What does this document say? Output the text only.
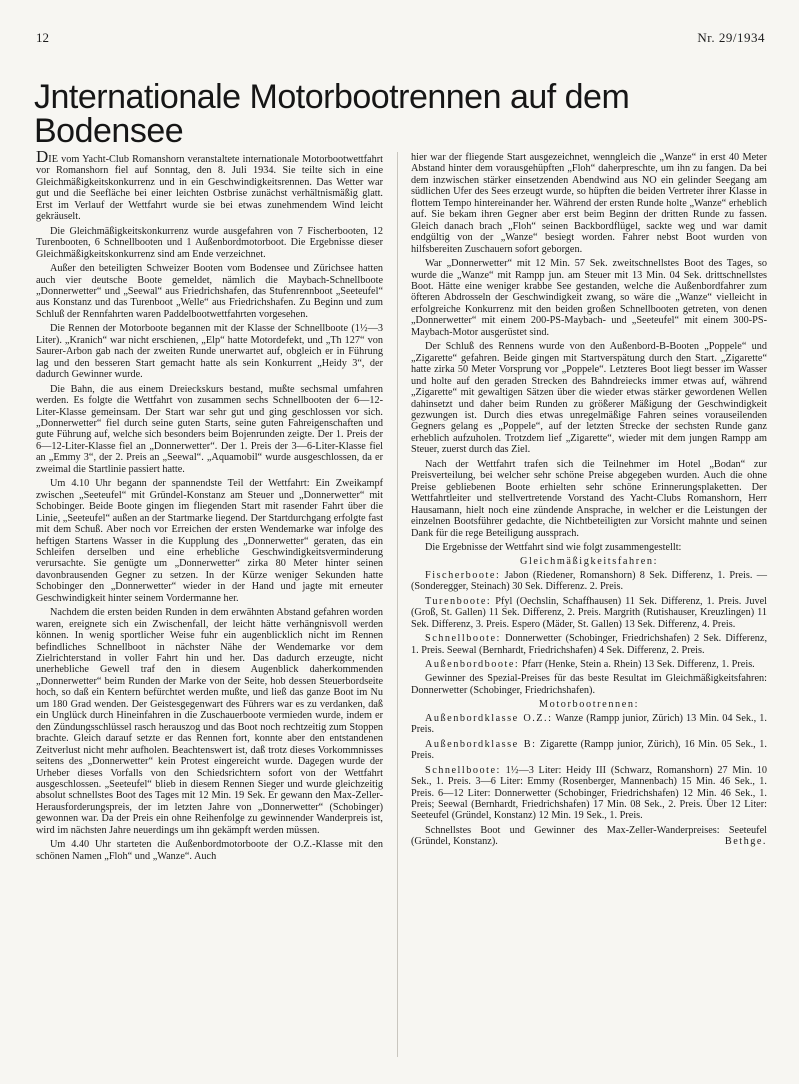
12	Nr. 29/1934
Jnternationale Motorbootrennen auf dem Bodensee

DIE vom Yacht-Club Romanshorn veranstaltete internationale Motorbootwettfahrt vor Romanshorn fiel auf Sonntag, den 8. Juli 1934. Sie teilte sich in eine Gleichmäßigkeitskonkurrenz und in ein Geschwindigkeitsrennen. Das Wetter war gut und die Seefläche bei einer leichten Ostbrise zunächst verhältnismäßig glatt. Erst im Verlauf der Wettfahrt wurde sie bei etwas zunehmendem Wind leicht gekräuselt.

Die Gleichmäßigkeitskonkurrenz wurde ausgefahren von 7 Fischerbooten, 12 Turenbooten, 6 Schnellbooten und 1 Außenbordmotorboot. Die Ergebnisse dieser Gleichmäßigkeitskonkurrenz sind am Ende verzeichnet.

Außer den beteiligten Schweizer Booten vom Bodensee und Zürichsee hatten auch vier deutsche Boote gemeldet, nämlich die Maybach-Schnellboote „Donnerwetter“ und „Seewal“ aus Friedrichshafen, das Stufenrennboot „Seeteufel“ aus Konstanz und das Turenboot „Welle“ aus Friedrichshafen. Zu Beginn und zum Schluß der Rennfahrten waren Paddelbootwettfahrten vorgesehen.

Die Rennen der Motorboote begannen mit der Klasse der Schnellboote (1½—3 Liter). „Kranich“ war nicht erschienen, „Elp“ hatte Motordefekt, und „Th 127“ von Saurer-Arbon gab nach der zweiten Runde unerwartet auf, obgleich er in Führung lag und den besseren Start gemacht hatte als sein Konkurrent „Heidy 3“, der dadurch Gewinner wurde.

Die Bahn, die aus einem Dreieckskurs bestand, mußte sechsmal umfahren werden. Es folgte die Wettfahrt von zusammen sechs Schnellbooten der 6—12-Liter-Klasse gemeinsam. Der Start war sehr gut und ging geschlossen vor sich. „Donnerwetter“ fiel durch seine guten Starts, seine guten Fahreigenschaften und gute Führung auf, welche sich besonders beim Bojenrunden zeigte. Der 1. Preis der 6—12-Liter-Klasse fiel an „Donnerwetter“. Der 1. Preis der 3—6-Liter-Klasse fiel an „Emmy 3“, der 2. Preis an „Seewal“. „Aquamobil“ wurde ausgeschlossen, da er zweimal die Startlinie passiert hatte.

Um 4.10 Uhr begann der spannendste Teil der Wettfahrt: Ein Zweikampf zwischen „Seeteufel“ mit Gründel-Konstanz am Steuer und „Donnerwetter“ mit Schobinger. Beide Boote gingen im fliegenden Start mit rasender Fahrt über die Linie, „Seeteufel“ außen an der Startmarke liegend. Der Startdurchgang erfolgte fast mit dem Schuß. Aber noch vor Erreichen der ersten Wendemarke war infolge des heftigen Startens Wasser in die Kupplung des „Donnerwetter“ geraten, das ein Schleifen derselben und eine erhebliche Geschwindigkeitsverminderung verursachte. Sie genügte um „Donnerwetter“ zirka 80 Meter hinter seinen davonbrausenden Gegner zu setzen. In der Kürze weniger Sekunden hatte Schobinger den „Donnerwetter“ wieder in der Hand und jagte mit erneuter Geschwindigkeit hinter seinem Vordermanne her.

Nachdem die ersten beiden Runden in dem erwähnten Abstand gefahren worden waren, ereignete sich ein Zwischenfall, der leicht hätte verhängnisvoll werden können. In wenig sportlicher Weise fuhr ein augenblicklich nicht im Rennen befindliches Schnellboot in nächster Nähe der Wendemarke vor dem Zielrichterstand in voller Fahrt hin und her. Das dadurch erzeugte, nicht unerhebliche Gewell traf den in diesem Augenblick daherkommenden „Donnerwetter“ beim Runden der Marke von der Seite, hob dessen Steuerbordseite hoch, so daß ein Kentern befürchtet werden mußte, und ließ das ganze Boot im Nu um 180 Grad wenden. Der Geistesgegenwart des Führers war es zu verdanken, daß ein Unglück durch Hineinfahren in die Zuschauerboote vermieden wurde, indem er den Zündungsschlüssel rasch herauszog und das Boot noch rechtzeitig zum Stoppen brachte. Gleich darauf setzte er das Rennen fort, konnte aber den entstandenen Zeitverlust nicht mehr aufholen. Beachtenswert ist, daß trotz dieses Vorkommnisses seitens des „Donnerwetter“ kein Protest eingereicht wurde. Dagegen wurde der Urheber dieses Vorfalls von den Schiedsrichtern sofort von der Wettfahrt ausgeschlossen. „Seeteufel“ blieb in diesem Rennen Sieger und wurde gleichzeitig absolut schnellstes Boot des Tages mit 12 Min. 19 Sek. Er gewann den Max-Zeller-Herausforderungspreis, der im letzten Jahre von „Donnerwetter“ (Schobinger) gewonnen war. Da der Preis ein ohne Reihenfolge zu gewinnender Wanderpreis ist, wird im nächsten Jahre neuerdings um ihn gekämpft werden müssen.

Um 4.40 Uhr starteten die Außenbordmotorboote der O.Z.-Klasse mit den schönen Namen „Floh“ und „Wanze“. Auch

hier war der fliegende Start ausgezeichnet, wenngleich die „Wanze“ in erst 40 Meter Abstand hinter dem vorausgehüpften „Floh“ daherpreschte, um ihn zu fangen. Da bei dem inzwischen stärker einsetzenden Abendwind aus NO ein gelinder Seegang am südlichen Ufer des Sees erzeugt wurde, so hüpften die beiden Vertreter ihrer Klasse in flottem Tempo hintereinander her. Während der ersten Runde holte „Wanze“ erheblich auf. Sie bekam ihren Gegner aber erst beim Beginn der dritten Runde zu fassen. Gleich danach brach „Floh“ seinen Backbordflügel, sackte weg und war damit endgültig von der „Wanze“ besiegt worden. Fahrer nebst Boot wurden von hilfsbereiten Zuschauern sofort geborgen.

War „Donnerwetter“ mit 12 Min. 57 Sek. zweitschnellstes Boot des Tages, so wurde die „Wanze“ mit Rampp jun. am Steuer mit 13 Min. 04 Sek. drittschnellstes Boot. Hätte eine weniger krabbe See gestanden, welche die Außenbordfahrer zum öfteren Abdrosseln der Geschwindigkeit zwang, so wäre die „Wanze“ vielleicht in erfolgreiche Konkurrenz mit den beiden großen Schnellbooten getreten, von denen „Donnerwetter“ mit einem 200-PS-Maybach- und „Seeteufel“ mit einem 300-PS-Maybach-Motor ausgerüstet sind.

Der Schluß des Rennens wurde von den Außenbord-B-Booten „Poppele“ und „Zigarette“ gefahren. Beide gingen mit Startverspätung durch den Start. „Zigarette“ hatte zirka 50 Meter Vorsprung vor „Poppele“. Letzteres Boot liegt besser im Wasser und holte auf den geraden Strecken des Bahndreiecks immer etwas auf, während „Zigarette“ mit gewaltigen Sätzen über die wieder etwas stärker gewordenen Wellen dahinsetzt und daher beim Runden zu größerer Mäßigung der Geschwindigkeit gezwungen ist. Durch dies etwas unregelmäßige Fahren seines vorauseilenden Gegners gelang es „Poppele“, auf der letzten Strecke der sechsten Runde ganz erheblich aufzuholen. Trotzdem lief „Zigarette“, wieder mit dem jungen Rampp am Steuer, zuerst durch das Ziel.

Nach der Wettfahrt trafen sich die Teilnehmer im Hotel „Bodan“ zur Preisverteilung, bei welcher sehr schöne Preise abgegeben wurden. Auch die ohne Preise gebliebenen Boote erhielten sehr schöne Erinnerungsplaketten. Der Wettfahrtleiter und stellvertretende Vorstand des Yacht-Clubs Romanshorn, Herr Hausamann, hielt noch eine zündende Ansprache, in welcher er die Leistungen der einzelnen Bootsführer gedachte, die Nichtbeteiligten zur Vorsicht mahnte und seinen Dank für die rege Beteiligung aussprach.

Die Ergebnisse der Wettfahrt sind wie folgt zusammengestellt:

Gleichmäßigkeitsfahren:

Fischerboote: Jabon (Riedener, Romanshorn) 8 Sek. Differenz, 1. Preis. — (Sonderegger, Steinach) 30 Sek. Differenz. 2. Preis.

Turenboote: Pfyl (Oechslin, Schaffhausen) 11 Sek. Differenz, 1. Preis. Juvel (Groß, St. Gallen) 11 Sek. Differenz, 2. Preis. Margrith (Rutishauser, Kreuzlingen) 11 Sek. Differenz, 3. Preis. Espero (Mäder, St. Gallen) 13 Sek. Differenz, 4. Preis.

Schnellboote: Donnerwetter (Schobinger, Friedrichshafen) 2 Sek. Differenz, 1. Preis. Seewal (Bernhardt, Friedrichshafen) 4 Sek. Differenz, 2. Preis.

Außenbordboote: Pfarr (Henke, Stein a. Rhein) 13 Sek. Differenz, 1. Preis.

Gewinner des Spezial-Preises für das beste Resultat im Gleichmäßigkeitsfahren: Donnerwetter (Schobinger, Friedrichshafen).

Motorbootrennen:

Außenbordklasse O.Z.: Wanze (Rampp junior, Zürich) 13 Min. 04 Sek., 1. Preis.

Außenbordklasse B: Zigarette (Rampp junior, Zürich), 16 Min. 05 Sek., 1. Preis.

Schnellboote: 1½—3 Liter: Heidy III (Schwarz, Romanshorn) 27 Min. 10 Sek., 1. Preis. 3—6 Liter: Emmy (Rosenberger, Mannenbach) 15 Min. 46 Sek., 1. Preis. 6—12 Liter: Donnerwetter (Schobinger, Friedrichshafen) 12 Min. 46 Sek., 1. Preis; Seewal (Bernhardt, Friedrichshafen) 17 Min. 08 Sek., 2. Preis. Über 12 Liter: Seeteufel (Gründel, Konstanz) 12 Min. 19 Sek., 1. Preis.

Schnellstes Boot und Gewinner des Max-Zeller-Wanderpreises: Seeteufel (Gründel, Konstanz).	Bethge.
